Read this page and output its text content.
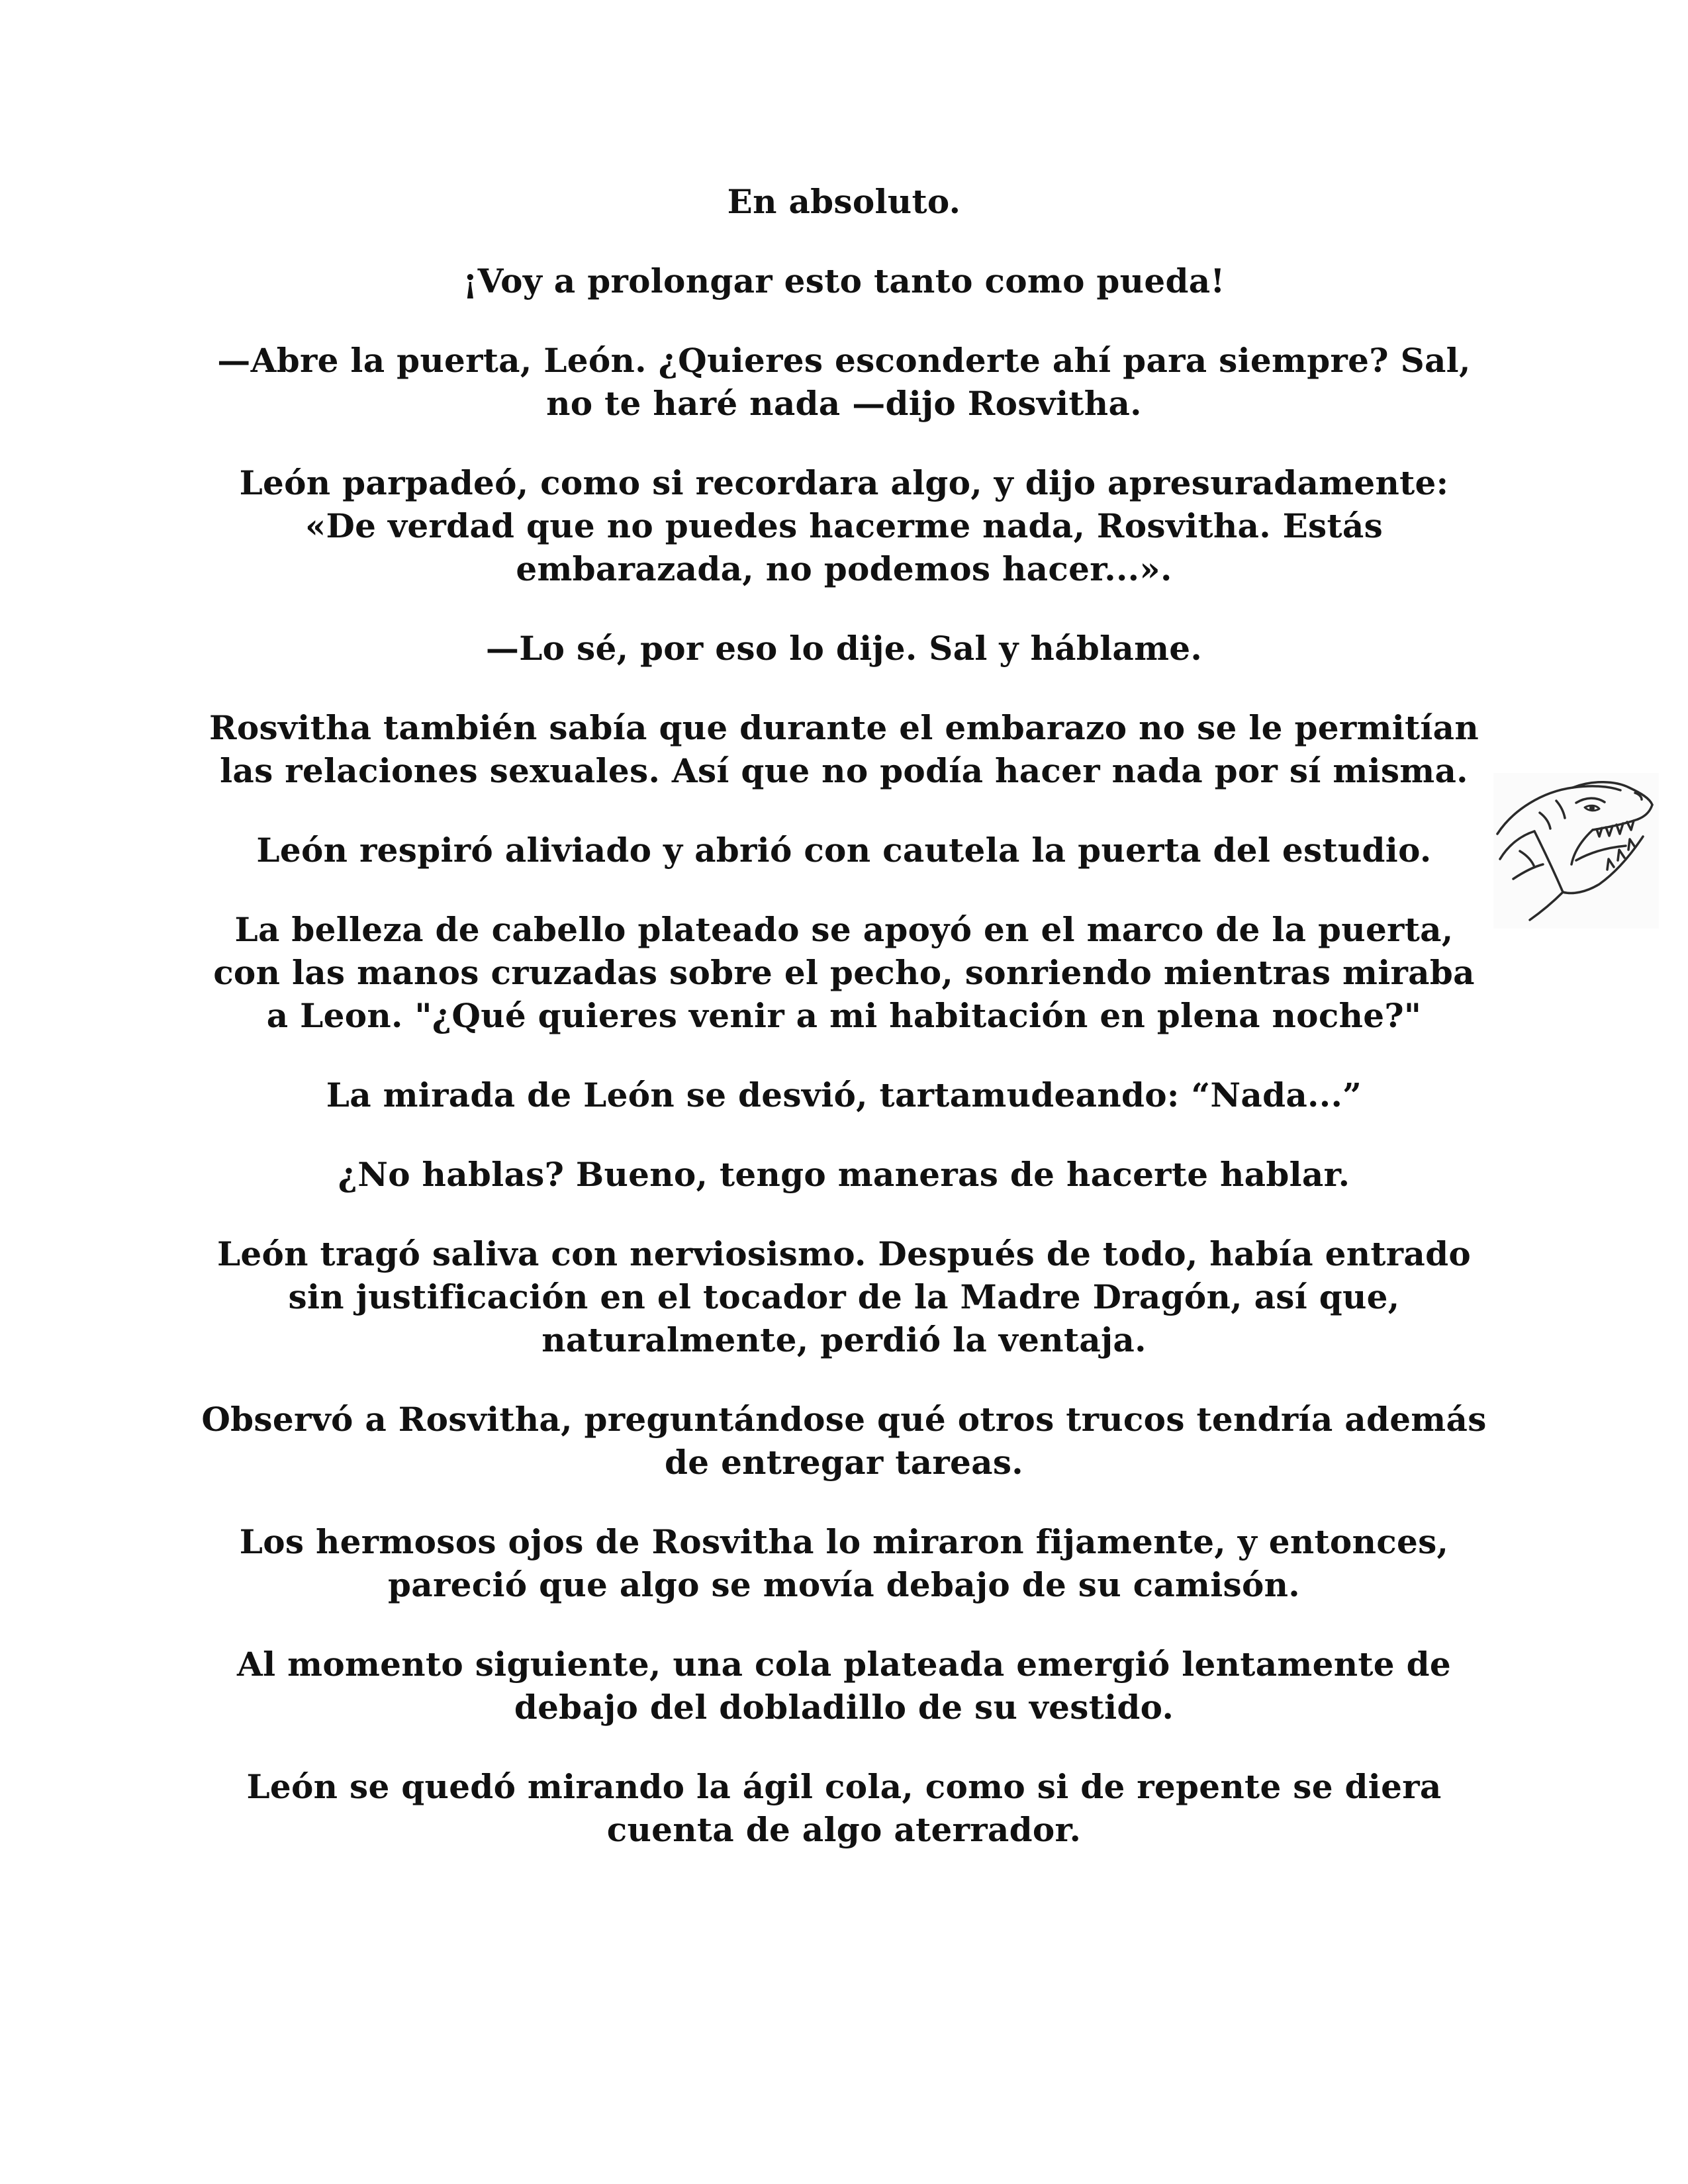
En absoluto.

¡Voy a prolongar esto tanto como pueda!

—Abre la puerta, León. ¿Quieres esconderte ahí para siempre? Sal, no te haré nada —dijo Rosvitha.

León parpadeó, como si recordara algo, y dijo apresuradamente: «De verdad que no puedes hacerme nada, Rosvitha. Estás embarazada, no podemos hacer...».

—Lo sé, por eso lo dije. Sal y háblame.

Rosvitha también sabía que durante el embarazo no se le permitían las relaciones sexuales. Así que no podía hacer nada por sí misma.

León respiró aliviado y abrió con cautela la puerta del estudio.

La belleza de cabello plateado se apoyó en el marco de la puerta, con las manos cruzadas sobre el pecho, sonriendo mientras miraba a Leon. "¿Qué quieres venir a mi habitación en plena noche?"

La mirada de León se desvió, tartamudeando: “Nada...”

¿No hablas? Bueno, tengo maneras de hacerte hablar.

León tragó saliva con nerviosismo. Después de todo, había entrado sin justificación en el tocador de la Madre Dragón, así que, naturalmente, perdió la ventaja.

Observó a Rosvitha, preguntándose qué otros trucos tendría además de entregar tareas.

Los hermosos ojos de Rosvitha lo miraron fijamente, y entonces, pareció que algo se movía debajo de su camisón.

Al momento siguiente, una cola plateada emergió lentamente de debajo del dobladillo de su vestido.

León se quedó mirando la ágil cola, como si de repente se diera cuenta de algo aterrador.
